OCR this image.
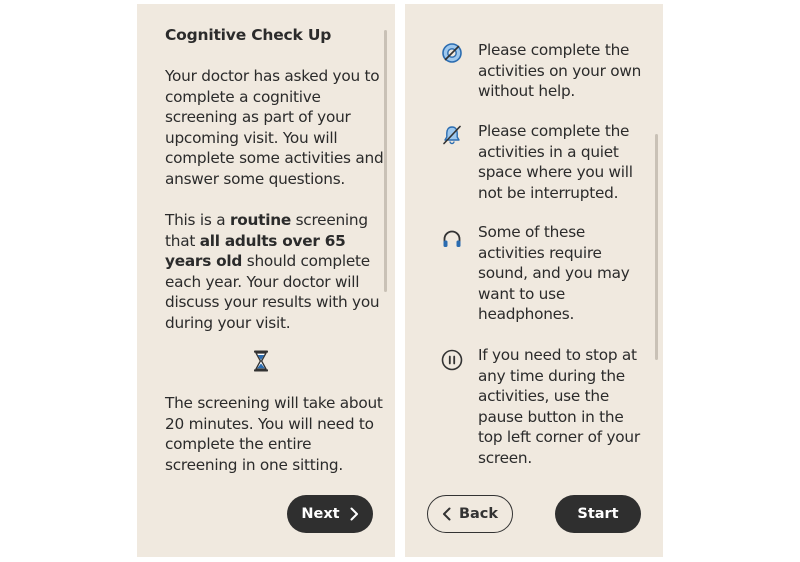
Cognitive Check Up

Your doctor has asked you to complete a cognitive screening as part of your upcoming visit. You will complete some activities and answer some questions.

This is a routine screening that all adults over 65 years old should complete each year. Your doctor will discuss your results with you during your visit.

The screening will take about 20 minutes. You will need to complete the entire screening in one sitting.

Next

Please complete the activities on your own without help.

Please complete the activities in a quiet space where you will not be interrupted.

Some of these activities require sound, and you may want to use headphones.

If you need to stop at any time during the activities, use the pause button in the top left corner of your screen.

Back	Start
